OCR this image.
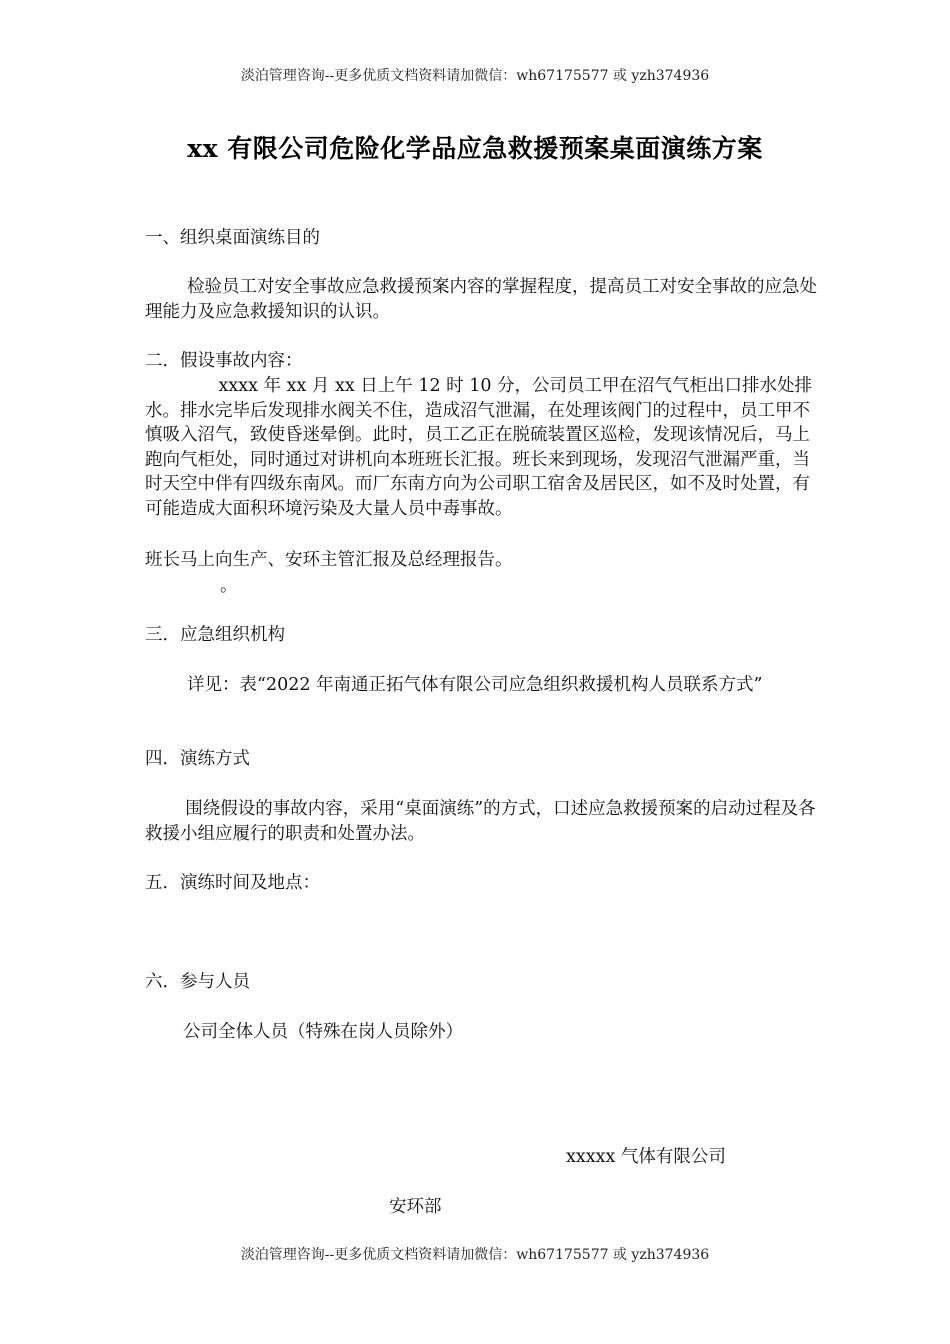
淡泊管理咨询--更多优质文档资料请加微信：wh67175577 或 yzh374936
xx 有限公司危险化学品应急救援预案桌面演练方案
一、组织桌面演练目的
检验员工对安全事故应急救援预案内容的掌握程度，提高员工对安全事故的应急处理能力及应急救援知识的认识。
二．假设事故内容：
xxxx 年 xx 月 xx 日上午 12 时 10 分，公司员工甲在沼气气柜出口排水处排水。排水完毕后发现排水阀关不住，造成沼气泄漏，在处理该阀门的过程中，员工甲不慎吸入沼气，致使昏迷晕倒。此时，员工乙正在脱硫装置区巡检，发现该情况后，马上跑向气柜处，同时通过对讲机向本班班长汇报。班长来到现场，发现沼气泄漏严重，当时天空中伴有四级东南风。而厂东南方向为公司职工宿舍及居民区，如不及时处置，有可能造成大面积环境污染及大量人员中毒事故。
班长马上向生产、安环主管汇报及总经理报告。
。
三．应急组织机构
详见：表“2022 年南通正拓气体有限公司应急组织救援机构人员联系方式”
四．演练方式
围绕假设的事故内容，采用“桌面演练”的方式，口述应急救援预案的启动过程及各救援小组应履行的职责和处置办法。
五．演练时间及地点：
六．参与人员
公司全体人员（特殊在岗人员除外）
xxxxx 气体有限公司
安环部
淡泊管理咨询--更多优质文档资料请加微信：wh67175577 或 yzh374936
